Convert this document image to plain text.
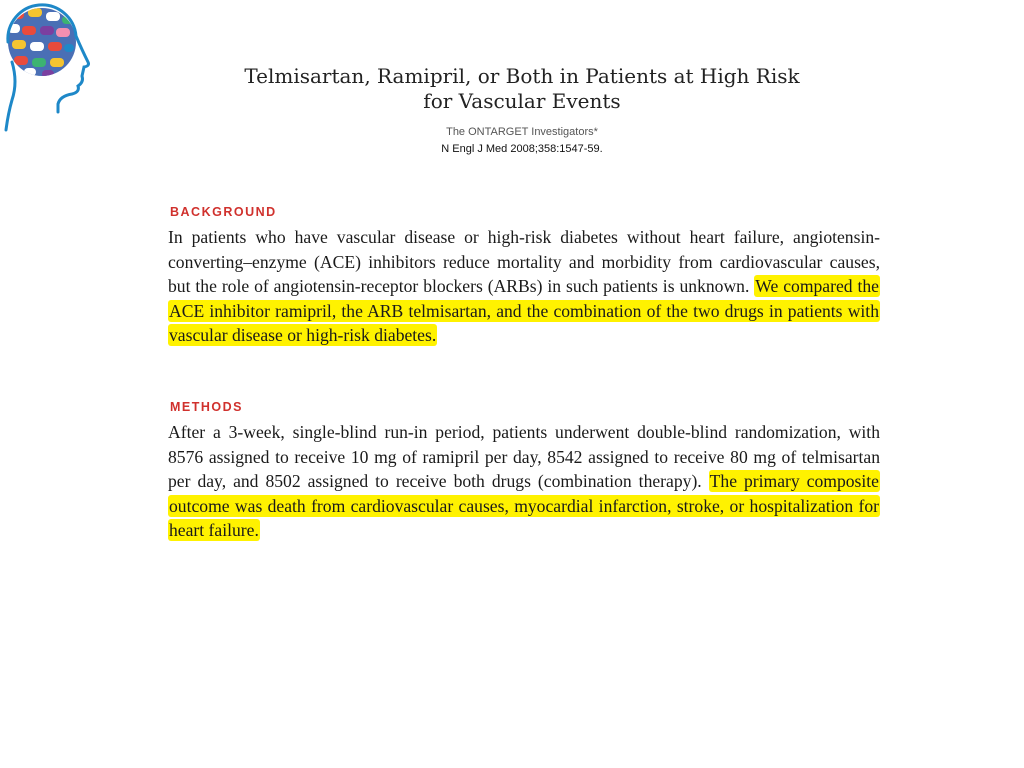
Telmisartan, Ramipril, or Both in Patients at High Risk
for Vascular Events
The ONTARGET Investigators*
N Engl J Med 2008;358:1547-59.
BACKGROUND

In patients who have vascular disease or high-risk diabetes without heart failure, angiotensin-converting–enzyme (ACE) inhibitors reduce mortality and morbidity from cardiovascular causes, but the role of angiotensin-receptor blockers (ARBs) in such patients is unknown. We compared the ACE inhibitor ramipril, the ARB telmisartan, and the combination of the two drugs in patients with vascular disease or high-risk diabetes.

METHODS

After a 3-week, single-blind run-in period, patients underwent double-blind randomization, with 8576 assigned to receive 10 mg of ramipril per day, 8542 assigned to receive 80 mg of telmisartan per day, and 8502 assigned to receive both drugs (combination therapy). The primary composite outcome was death from cardiovascular causes, myocardial infarction, stroke, or hospitalization for heart failure.
